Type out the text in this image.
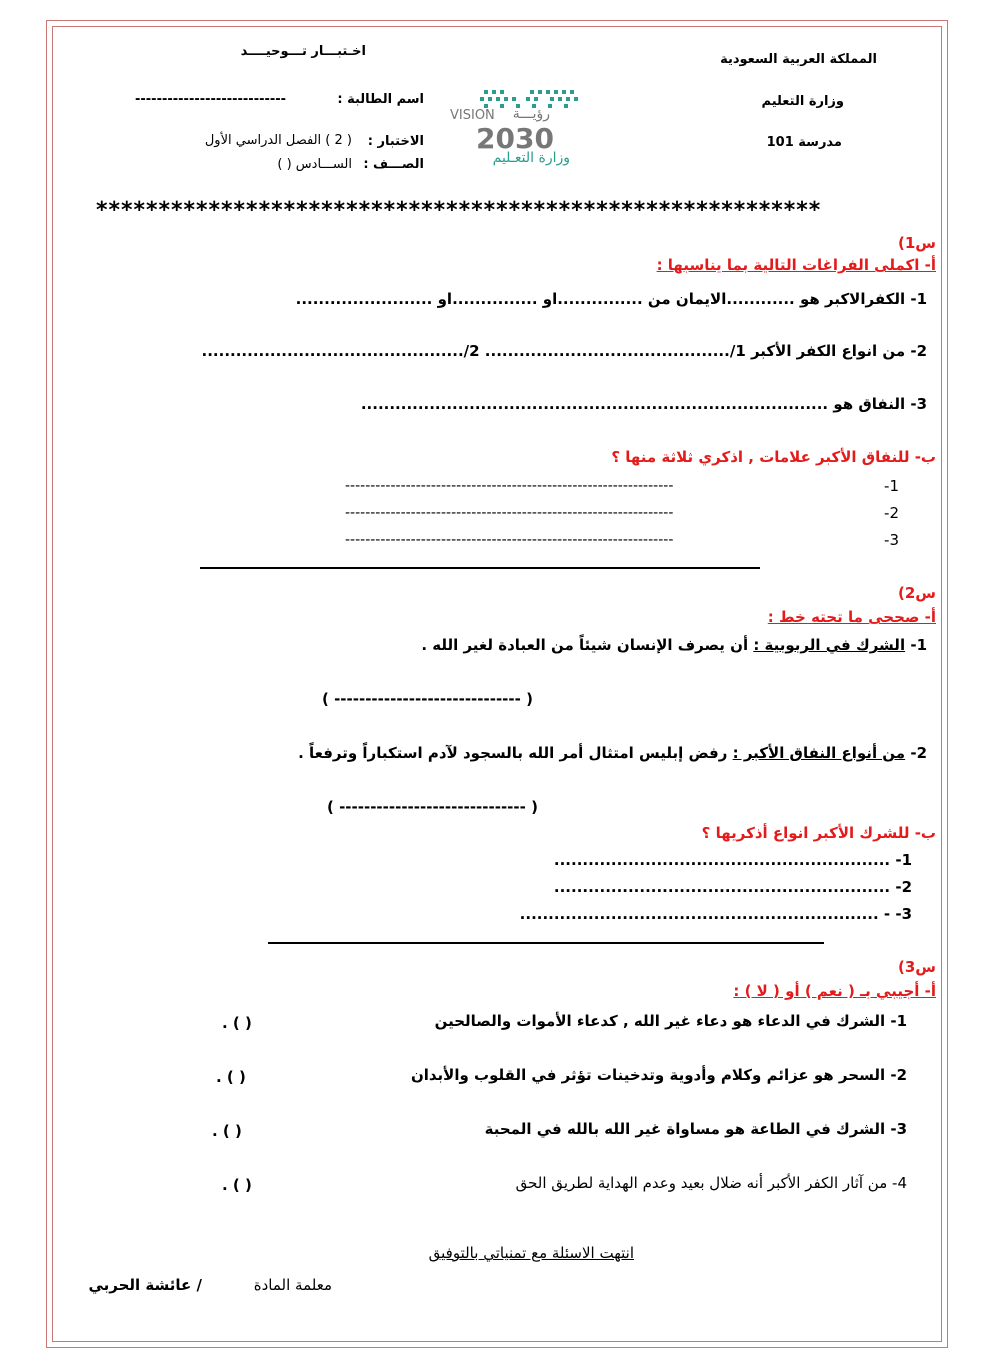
المملكة العربية السعودية
وزارة التعليم
مدرسة 101
اخـتبـــار تـــوحيــــد
اسم الطالبة :
----------------------------
الاختبار :
( 2 ) الفصل الدراسي الأول
الصـــف :
الســـادس ( )
VISION رؤيـــة
2030
وزارة التعـليم
**********************************************************
س1)
أ- اكملى الفراغات التالية بما يناسبها :
1- الكفرالاكبر هو ............الايمان من ...............او ...............او ........................
2- من انواع الكفر الأكبر 1/........................................... 2/..............................................
3- النفاق هو ..................................................................................
ب- للنفاق الأكبر علامات , اذكري ثلاثة منها ؟
1-
-----------------------------------------------------------------
2-
-----------------------------------------------------------------
3-
-----------------------------------------------------------------
س2)
أ- صححى ما تحته خط :
1- الشرك في الربوبية : أن يصرف الإنسان شيئاً من العبادة لغير الله .
( ------------------------------ )
2- من أنواع النفاق الأكبر : رفض إبليس امتثال أمر الله بالسجود لآدم استكباراً وترفعاً .
( ------------------------------ )
ب- للشرك الأكبر انواع أذكريها ؟
1- ...........................................................
2- ...........................................................
3- - ...............................................................
س3)
أ- أجيبي بـ ( نعم ) أو ( لا ) :
1- الشرك في الدعاء هو دعاء غير الله , كدعاء الأموات والصالحين
. ( )
2- السحر هو عزائم وكلام وأدوية وتدخينات تؤثر في القلوب والأبدان
. ( )
3- الشرك في الطاعة هو مساواة غير الله بالله في المحبة
. ( )
4- من آثار الكفر الأكبر أنه ضلال بعيد وعدم الهداية لطريق الحق
. ( )
انتهت الاسئلة مع تمنياتي بالتوفيق
معلمة المادة
/ عائشة الحربي
